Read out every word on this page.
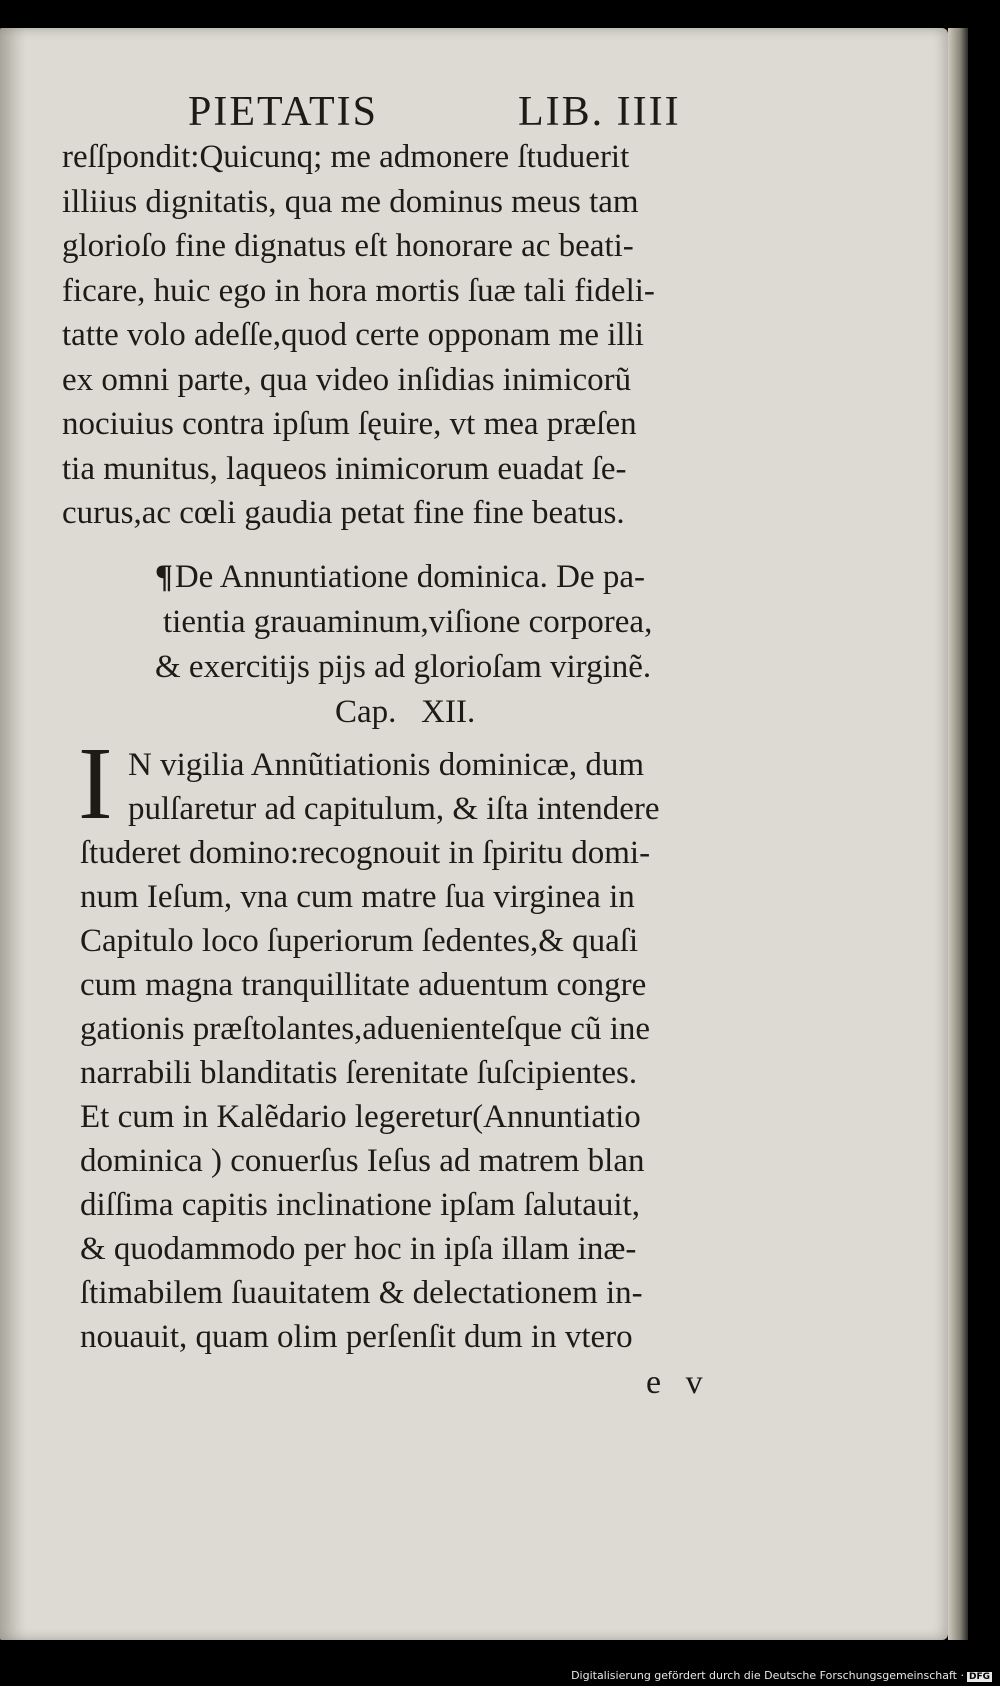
PIETATIS	LIB. IIII
reſſpondit:Quicunq; me admonere ſtuduerit
illiius dignitatis, qua me dominus meus tam
glorioſo fine dignatus eſt honorare ac beati-
ficare, huic ego in hora mortis ſuæ tali fideli-
tatte volo adeſſe,quod certe opponam me illi
ex omni parte, qua video inſidias inimicorũ
nociuius contra ipſum ſęuire, vt mea præſen
tia munitus, laqueos inimicorum euadat ſe-
curus,ac cœli gaudia petat fine fine beatus.
¶De Annuntiatione dominica. De pa-
tientia grauaminum,viſione corporea,
& exercitijs pijs ad glorioſam virginẽ.
Cap.   XII.
I N vigilia Annũtiationis dominicæ, dum
pulſaretur ad capitulum, & iſta intendere
ſtuderet domino:recognouit in ſpiritu domi-
num Ieſum, vna cum matre ſua virginea in
Capitulo loco ſuperiorum ſedentes,& quaſi
cum magna tranquillitate aduentum congre
gationis præſtolantes,aduenienteſque cũ ine
narrabili blanditatis ſerenitate ſuſcipientes.
Et cum in Kalẽdario legeretur(Annuntiatio
dominica ) conuerſus Ieſus ad matrem blan
diſſima capitis inclinatione ipſam ſalutauit,
& quodammodo per hoc in ipſa illam inæ-
ſtimabilem ſuauitatem & delectationem in-
nouauit, quam olim perſenſit dum in vtero
e v
Digitalisierung gefördert durch die Deutsche Forschungsgemeinschaft · DFG
